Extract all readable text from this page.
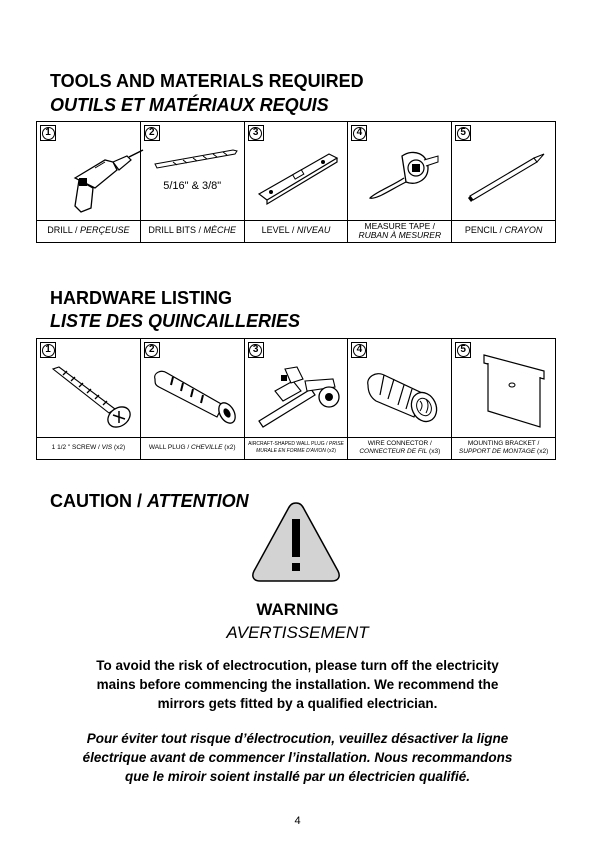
TOOLS AND MATERIALS REQUIRED
OUTILS ET MATÉRIAUX REQUIS
1
DRILL / PERÇEUSE
2
5/16" & 3/8"
DRILL BITS / MÈCHE
3
LEVEL / NIVEAU
4
MEASURE TAPE /
RUBAN À MESURER
5
PENCIL / CRAYON
HARDWARE LISTING
LISTE DES QUINCAILLERIES
1
1 1/2 " SCREW / VIS (x2)
2
WALL PLUG / CHEVILLE (x2)
3
AIRCRAFT-SHAPED WALL PLUG / PRISE MURALE EN FORME D'AVION (x2)
4
WIRE CONNECTOR /
CONNECTEUR DE FIL (x3)
5
MOUNTING BRACKET /
SUPPORT DE MONTAGE (x2)
CAUTION / ATTENTION
WARNING
AVERTISSEMENT
To avoid the risk of electrocution, please turn off the electricity
mains before commencing the installation. We recommend the
mirrors gets fitted by a qualified electrician.
Pour éviter tout risque d’électrocution, veuillez désactiver la ligne
électrique avant de commencer l’installation. Nous recommandons
que le miroir soient installé par un électricien qualifié.
4
